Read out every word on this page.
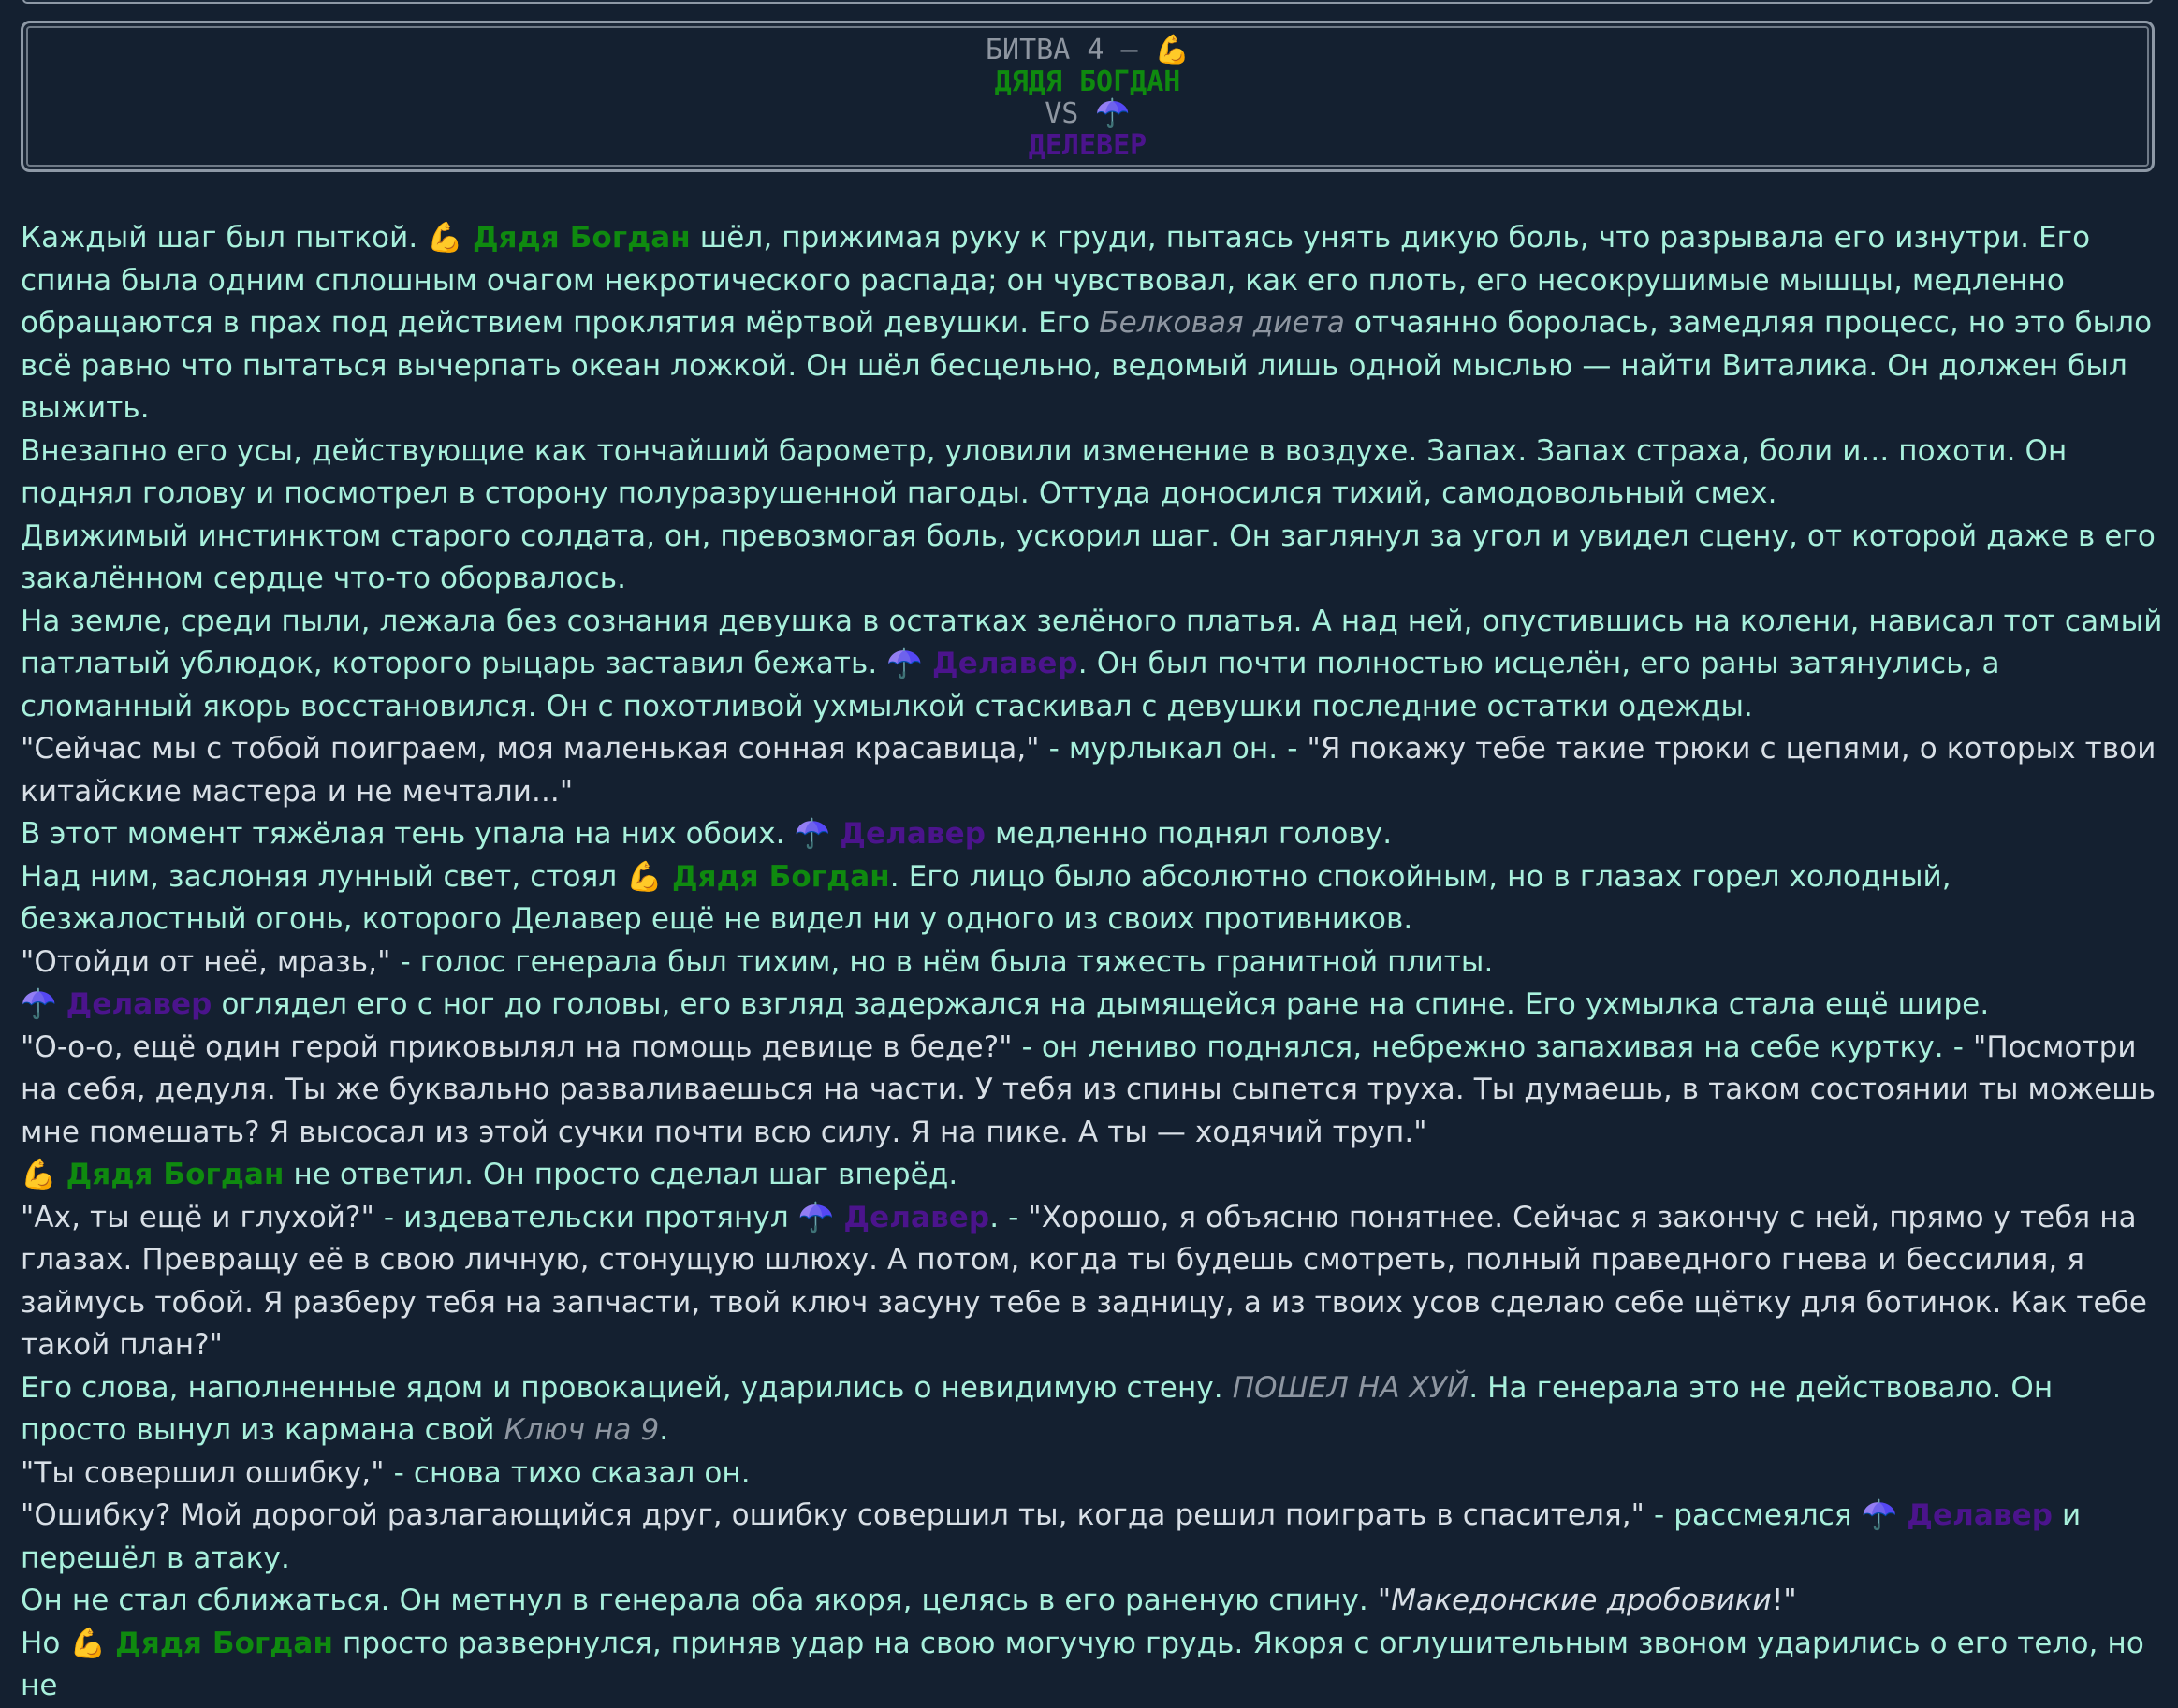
БИТВА 4 – 💪
ДЯДЯ БОГДАН
VS ☂️
ДЕЛЕВЕР

Каждый шаг был пыткой. 💪 Дядя Богдан шёл, прижимая руку к груди, пытаясь унять дикую боль, что разрывала его изнутри. Его спина была одним сплошным очагом некротического распада; он чувствовал, как его плоть, его несокрушимые мышцы, медленно обращаются в прах под действием проклятия мёртвой девушки. Его Белковая диета отчаянно боролась, замедляя процесс, но это было всё равно что пытаться вычерпать океан ложкой. Он шёл бесцельно, ведомый лишь одной мыслью — найти Виталика. Он должен был выжить.

Внезапно его усы, действующие как тончайший барометр, уловили изменение в воздухе. Запах. Запах страха, боли и... похоти. Он поднял голову и посмотрел в сторону полуразрушенной пагоды. Оттуда доносился тихий, самодовольный смех.

Движимый инстинктом старого солдата, он, превозмогая боль, ускорил шаг. Он заглянул за угол и увидел сцену, от которой даже в его закалённом сердце что-то оборвалось.

На земле, среди пыли, лежала без сознания девушка в остатках зелёного платья. А над ней, опустившись на колени, нависал тот самый патлатый ублюдок, которого рыцарь заставил бежать. ☂️ Делавер. Он был почти полностью исцелён, его раны затянулись, а сломанный якорь восстановился. Он с похотливой ухмылкой стаскивал с девушки последние остатки одежды.

"Сейчас мы с тобой поиграем, моя маленькая сонная красавица," - мурлыкал он. - "Я покажу тебе такие трюки с цепями, о которых твои китайские мастера и не мечтали..."

В этот момент тяжёлая тень упала на них обоих. ☂️ Делавер медленно поднял голову.

Над ним, заслоняя лунный свет, стоял 💪 Дядя Богдан. Его лицо было абсолютно спокойным, но в глазах горел холодный, безжалостный огонь, которого Делавер ещё не видел ни у одного из своих противников.

"Отойди от неё, мразь," - голос генерала был тихим, но в нём была тяжесть гранитной плиты.

☂️ Делавер оглядел его с ног до головы, его взгляд задержался на дымящейся ране на спине. Его ухмылка стала ещё шире.

"О-о-о, ещё один герой приковылял на помощь девице в беде?" - он лениво поднялся, небрежно запахивая на себе куртку. - "Посмотри на себя, дедуля. Ты же буквально разваливаешься на части. У тебя из спины сыпется труха. Ты думаешь, в таком состоянии ты можешь мне помешать? Я высосал из этой сучки почти всю силу. Я на пике. А ты — ходячий труп."

💪 Дядя Богдан не ответил. Он просто сделал шаг вперёд.

"Ах, ты ещё и глухой?" - издевательски протянул ☂️ Делавер. - "Хорошо, я объясню понятнее. Сейчас я закончу с ней, прямо у тебя на глазах. Превращу её в свою личную, стонущую шлюху. А потом, когда ты будешь смотреть, полный праведного гнева и бессилия, я займусь тобой. Я разберу тебя на запчасти, твой ключ засуну тебе в задницу, а из твоих усов сделаю себе щётку для ботинок. Как тебе такой план?"

Его слова, наполненные ядом и провокацией, ударились о невидимую стену. ПОШЕЛ НА ХУЙ. На генерала это не действовало. Он просто вынул из кармана свой Ключ на 9.

"Ты совершил ошибку," - снова тихо сказал он.

"Ошибку? Мой дорогой разлагающийся друг, ошибку совершил ты, когда решил поиграть в спасителя," - рассмеялся ☂️ Делавер и перешёл в атаку.

Он не стал сближаться. Он метнул в генерала оба якоря, целясь в его раненую спину. "Македонские дробовики!"

Но 💪 Дядя Богдан просто развернулся, приняв удар на свою могучую грудь. Якоря с оглушительным звоном ударились о его тело, но не
